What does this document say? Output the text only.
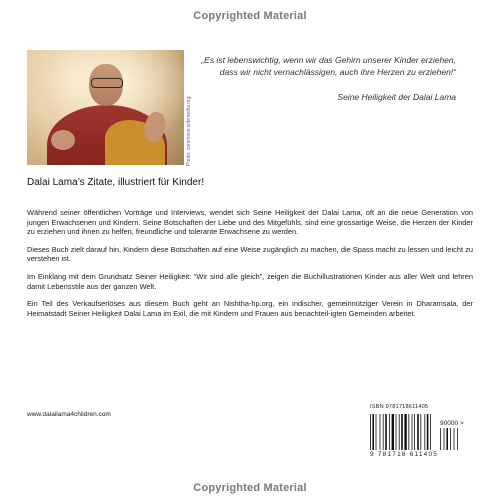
Copyrighted Material
Photo: commons.wikimedia.org
„Es ist lebenswichtig, wenn wir das Gehirn unserer Kinder erziehen,
dass wir nicht vernachlässigen, auch ihre Herzen zu erziehen!“
Seine Heiligkeit der Dalai Lama
Dalai Lama’s Zitate, illustriert für Kinder!

Während seiner öffentlichen Vorträge und Interviews, wendet sich Seine Heiligkeit der Dalai Lama, oft an die neue Generation von jungen Erwachsenen und Kindern. Seine Botschaften der Liebe und des Mitgefühls, sind eine grossartige Weise, die Herzen der Kinder zu erziehen und ihnen zu helfen, freundliche und tolerante Erwachsene zu werden.

Dieses Buch zielt darauf hin, Kindern diese Botschaften auf eine Weise zugänglich zu machen, die Spass macht zu lessen und leicht zu verstehen ist.

Im Einklang mit dem Grundsatz Seiner Heiligkeit: “Wir sind alle gleich”, zeigen die Buchillustrationen Kinder aus aller Welt und lehren damit Lebensstile aus der ganzen Welt.

Ein Teil des Verkaufserlöses aus diesem Buch geht an Nishtha-hp.org, ein indischer, gemeinnütziger Verein in Dharamsala, der Heimatstadt Seiner Heiligkeit Dalai Lama im Exil, die mit Kindern und Frauen aus benachteil-igten Gemeinden arbeitet.

www.dalailama4children.com
ISBN 9781718611405
90000 >
9 781718 611405
Copyrighted Material
